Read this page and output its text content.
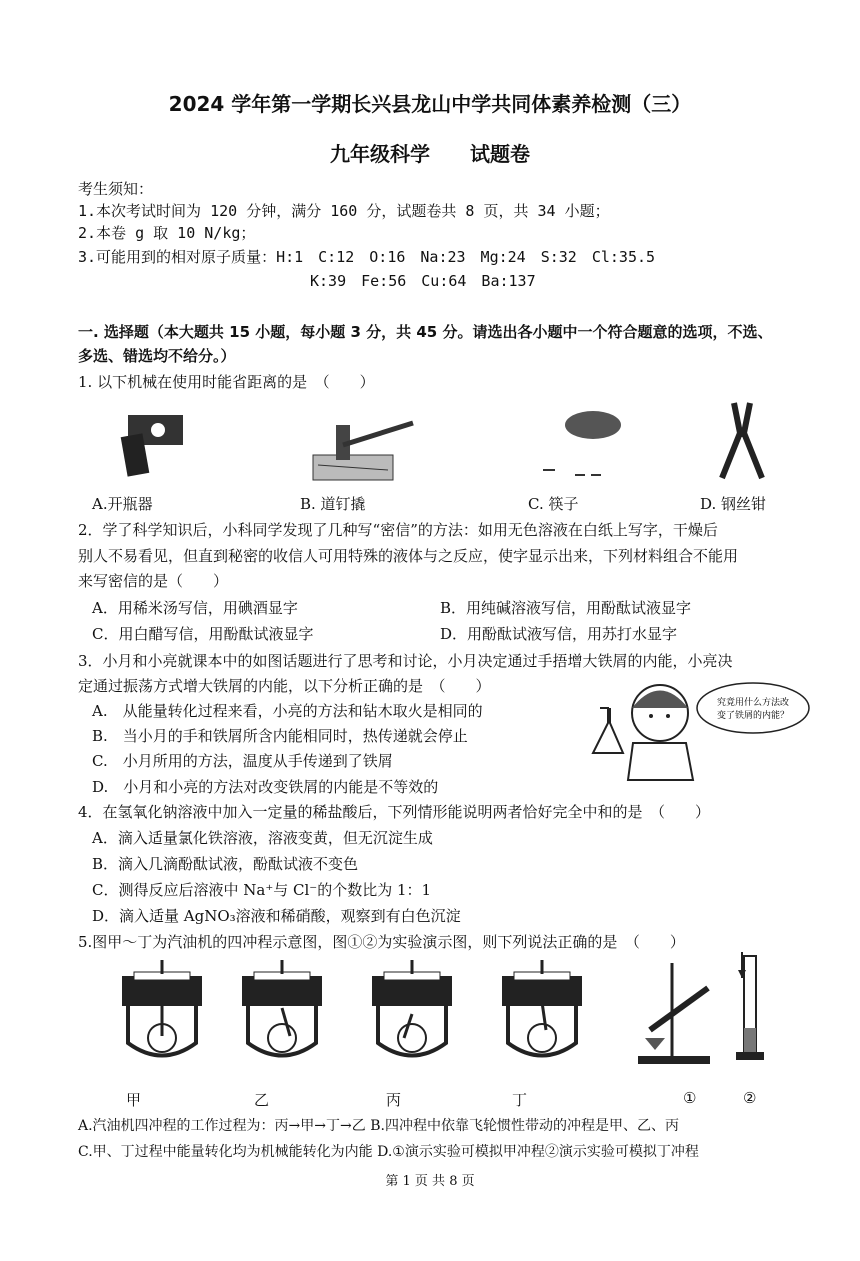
2024 学年第一学期长兴县龙山中学共同体素养检测（三）
九年级科学　　试题卷
考生须知：
1.本次考试时间为 120 分钟，满分 160 分，试题卷共 8 页，共 34 小题；
2.本卷 g 取 10 N/kg；
3.可能用到的相对原子质量：H:1　C:12　O:16　Na:23　Mg:24　S:32　Cl:35.5
K:39　Fe:56　Cu:64　Ba:137
一. 选择题（本大题共 15 小题，每小题 3 分，共 45 分。请选出各小题中一个符合题意的选项，不选、
多选、错选均不给分。）
1. 以下机械在使用时能省距离的是　（　　）
A.开瓶器	B. 道钉撬	C. 筷子	D. 钢丝钳
2．学了科学知识后，小科同学发现了几种写“密信”的方法：如用无色溶液在白纸上写字，干燥后
别人不易看见，但直到秘密的收信人可用特殊的液体与之反应，使字显示出来，下列材料组合不能用
来写密信的是（　　）
A．用稀米汤写信，用碘酒显字	B．用纯碱溶液写信，用酚酞试液显字
C．用白醋写信，用酚酞试液显字	D．用酚酞试液写信，用苏打水显字
3．小月和小亮就课本中的如图话题进行了思考和讨论，小月决定通过手捂增大铁屑的内能，小亮决
定通过振荡方式增大铁屑的内能，以下分析正确的是　（　　）
A.　从能量转化过程来看，小亮的方法和钻木取火是相同的
B.　当小月的手和铁屑所含内能相同时，热传递就会停止
C.　小月所用的方法，温度从手传递到了铁屑
D.　小月和小亮的方法对改变铁屑的内能是不等效的
究竟用什么方法改
变了铁屑的内能？
4．在氢氧化钠溶液中加入一定量的稀盐酸后，下列情形能说明两者恰好完全中和的是　（　　）
A．滴入适量氯化铁溶液，溶液变黄，但无沉淀生成
B．滴入几滴酚酞试液，酚酞试液不变色
C．测得反应后溶液中 Na⁺与 Cl⁻的个数比为 1：1
D．滴入适量 AgNO₃溶液和稀硝酸，观察到有白色沉淀
5.图甲～丁为汽油机的四冲程示意图，图①②为实验演示图，则下列说法正确的是　（　　）
甲	乙	丙	丁	①	②
A.汽油机四冲程的工作过程为：丙→甲→丁→乙 B.四冲程中依靠飞轮惯性带动的冲程是甲、乙、丙
C.甲、丁过程中能量转化均为机械能转化为内能 D.①演示实验可模拟甲冲程②演示实验可模拟丁冲程
第 1 页 共 8 页
